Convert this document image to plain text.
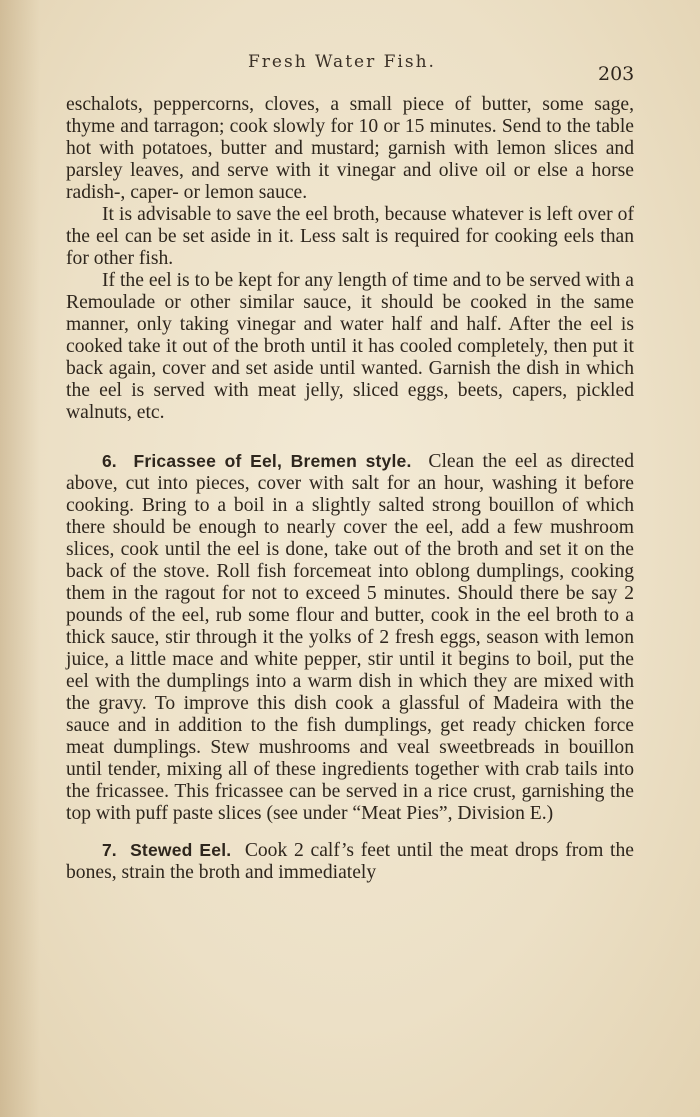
Fresh Water Fish.
203

eschalots, peppercorns, cloves, a small piece of butter, some sage, thyme and tarragon; cook slowly for 10 or 15 minutes. Send to the table hot with potatoes, butter and mustard; garnish with lemon slices and parsley leaves, and serve with it vinegar and olive oil or else a horse radish-, caper- or lemon sauce.

It is advisable to save the eel broth, because whatever is left over of the eel can be set aside in it. Less salt is required for cooking eels than for other fish.

If the eel is to be kept for any length of time and to be served with a Remoulade or other similar sauce, it should be cooked in the same manner, only taking vinegar and water half and half. After the eel is cooked take it out of the broth until it has cooled completely, then put it back again, cover and set aside until wanted. Garnish the dish in which the eel is served with meat jelly, sliced eggs, beets, capers, pickled walnuts, etc.

6. Fricassee of Eel, Bremen style. Clean the eel as directed above, cut into pieces, cover with salt for an hour, washing it before cooking. Bring to a boil in a slightly salted strong bouillon of which there should be enough to nearly cover the eel, add a few mushroom slices, cook until the eel is done, take out of the broth and set it on the back of the stove. Roll fish forcemeat into oblong dumplings, cooking them in the ragout for not to exceed 5 minutes. Should there be say 2 pounds of the eel, rub some flour and butter, cook in the eel broth to a thick sauce, stir through it the yolks of 2 fresh eggs, season with lemon juice, a little mace and white pepper, stir until it begins to boil, put the eel with the dumplings into a warm dish in which they are mixed with the gravy. To improve this dish cook a glassful of Madeira with the sauce and in addition to the fish dumplings, get ready chicken force meat dumplings. Stew mushrooms and veal sweetbreads in bouillon until tender, mixing all of these ingredients together with crab tails into the fricassee. This fricassee can be served in a rice crust, garnishing the top with puff paste slices (see under “Meat Pies”, Division E.)

7. Stewed Eel. Cook 2 calf’s feet until the meat drops from the bones, strain the broth and immediately
